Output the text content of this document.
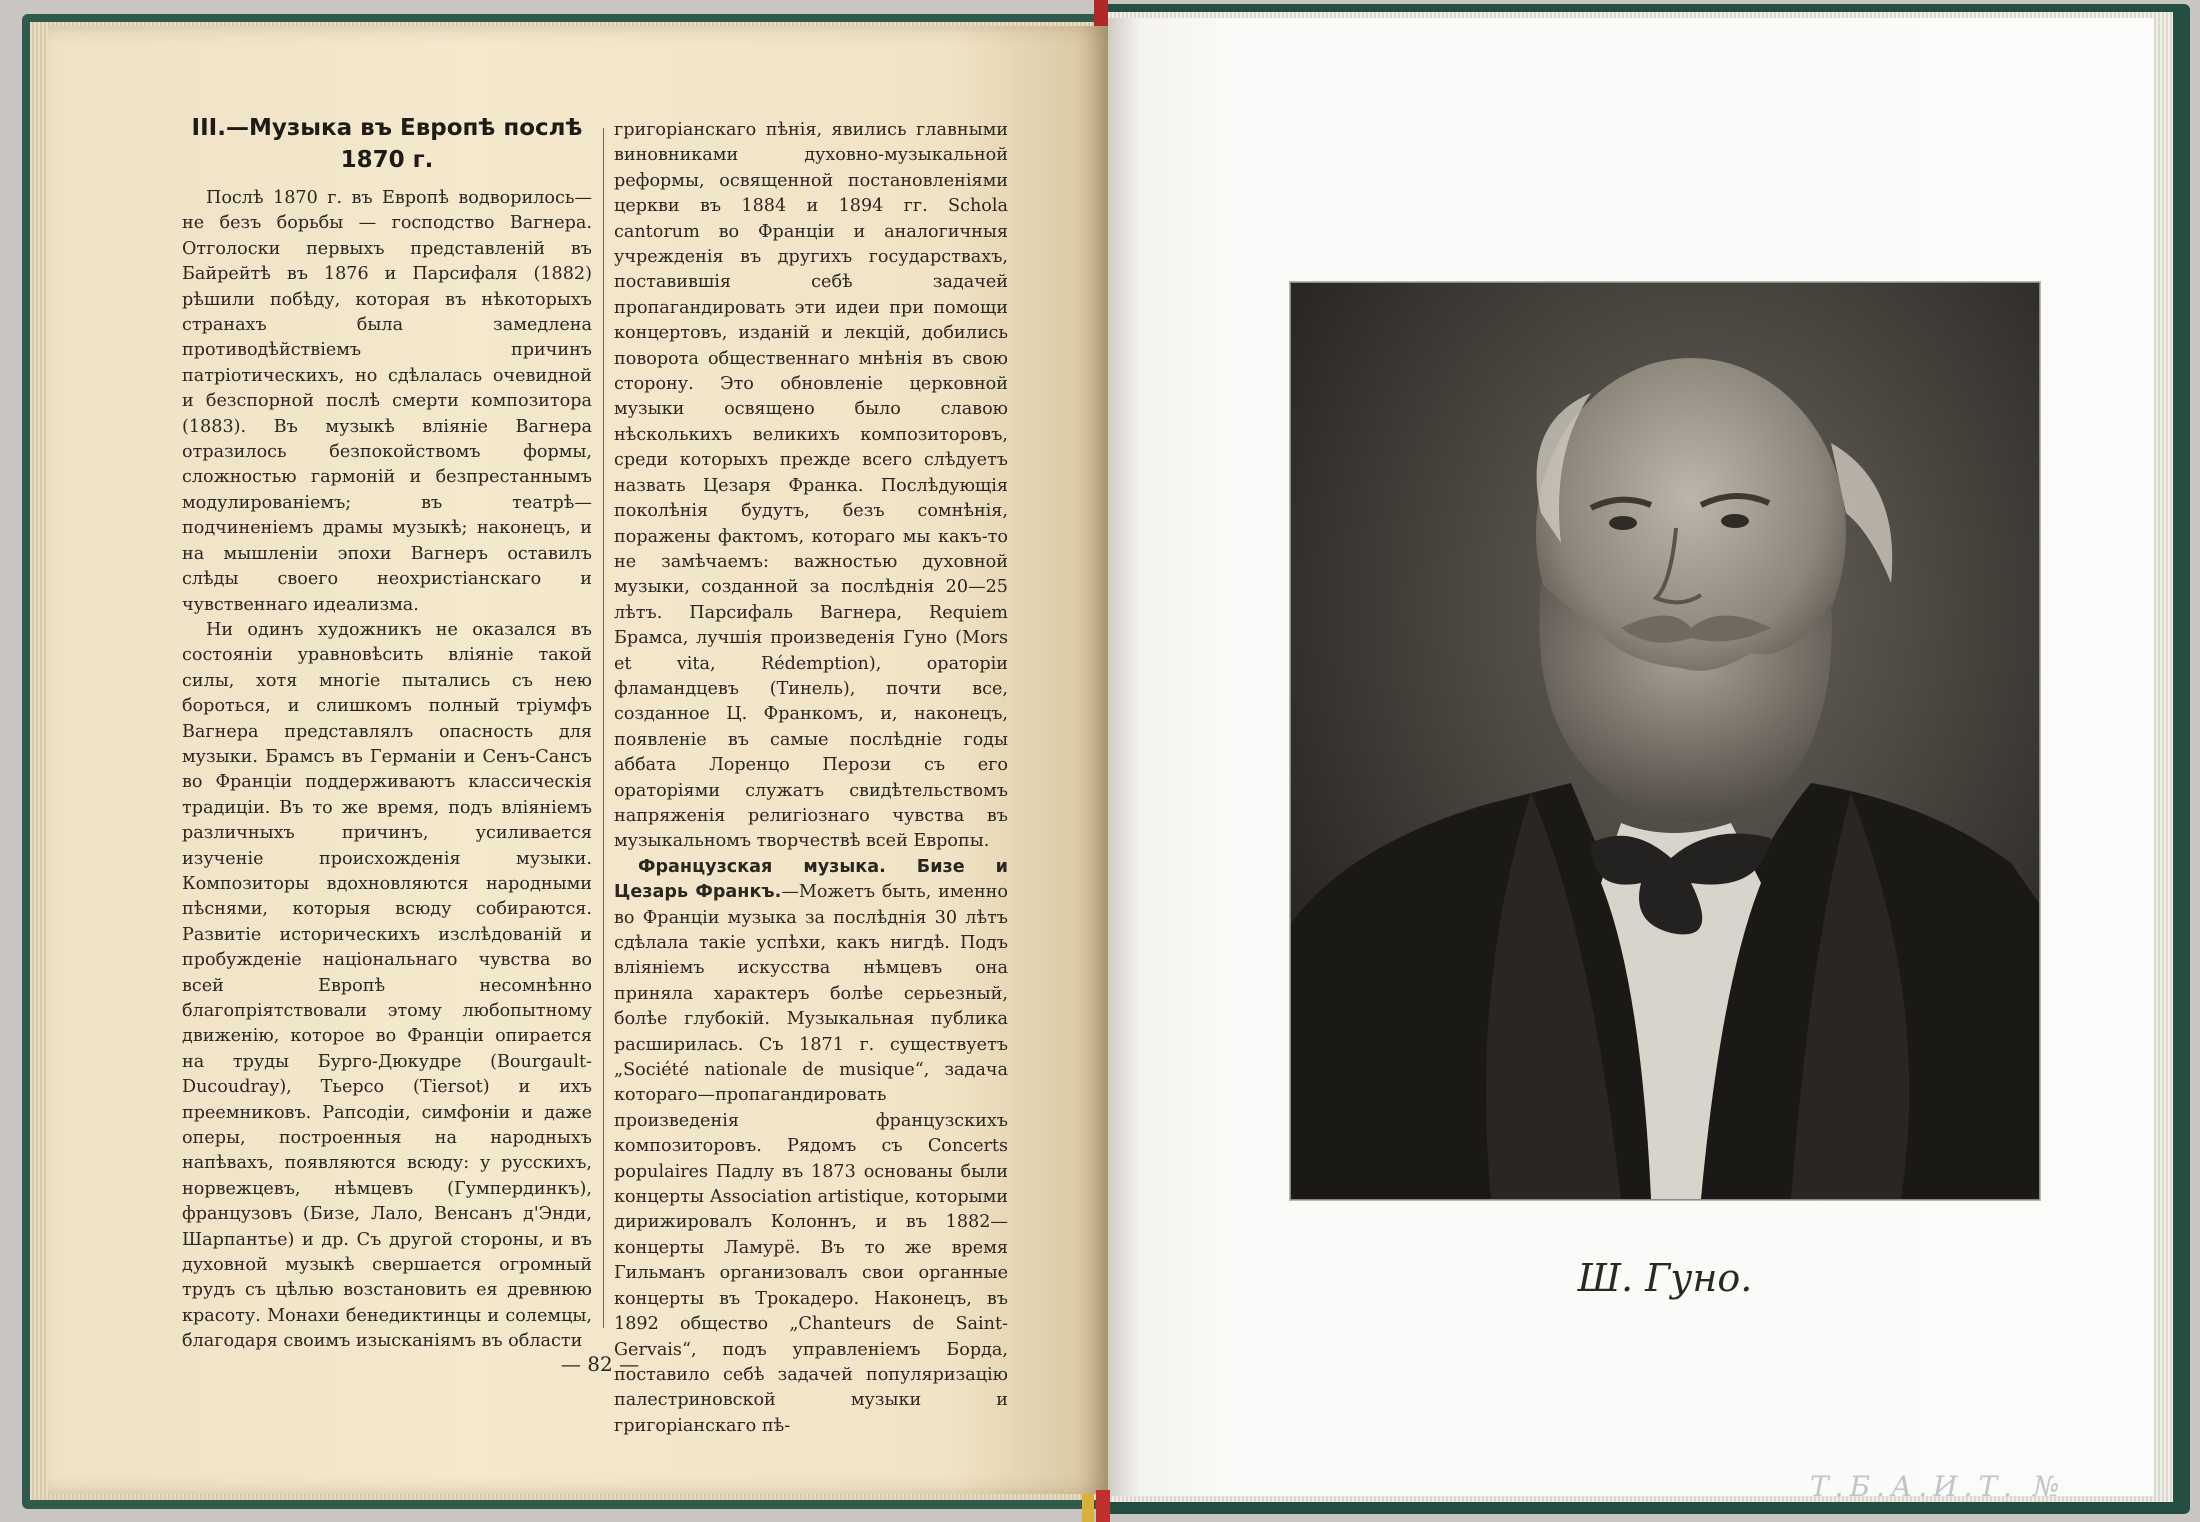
III.—Музыка въ Европѣ послѣ 1870 г.

Послѣ 1870 г. въ Европѣ водворилось—не безъ борьбы — господство Вагнера. Отголоски первыхъ представленій въ Байрейтѣ въ 1876 и Парсифаля (1882) рѣшили побѣду, которая въ нѣкоторыхъ странахъ была замедлена противодѣйствіемъ причинъ патріотическихъ, но сдѣлалась очевидной и безспорной послѣ смерти композитора (1883). Въ музыкѣ вліяніе Вагнера отразилось безпокойствомъ формы, сложностью гармоній и безпрестаннымъ модулированіемъ; въ театрѣ—подчиненіемъ драмы музыкѣ; наконецъ, и на мышленіи эпохи Вагнеръ оставилъ слѣды своего неохристіанскаго и чувственнаго идеализма.

Ни одинъ художникъ не оказался въ состояніи уравновѣсить вліяніе такой силы, хотя многіе пытались съ нею бороться, и слишкомъ полный тріумфъ Вагнера представлялъ опасность для музыки. Брамсъ въ Германіи и Сенъ-Сансъ во Франціи поддерживаютъ классическія традиціи. Въ то же время, подъ вліяніемъ различныхъ причинъ, усиливается изученіе происхожденія музыки. Композиторы вдохновляются народными пѣснями, которыя всюду собираются. Развитіе историческихъ изслѣдованій и пробужденіе національнаго чувства во всей Европѣ несомнѣнно благопріятствовали этому любопытному движенію, которое во Франціи опирается на труды Бурго-Дюкудре (Bourgault-Ducoudray), Тьерсо (Tiersot) и ихъ преемниковъ. Рапсодіи, симфоніи и даже оперы, построенныя на народныхъ напѣвахъ, появляются всюду: у русскихъ, норвежцевъ, нѣмцевъ (Гумпердинкъ), французовъ (Бизе, Лало, Венсанъ д'Энди, Шарпантье) и др. Съ другой стороны, и въ духовной музыкѣ свершается огромный трудъ съ цѣлью возстановить ея древнюю красоту. Монахи бенедиктинцы и солемцы, благодаря своимъ изысканіямъ въ области

григоріанскаго пѣнія, явились главными виновниками духовно-музыкальной реформы, освященной постановленіями церкви въ 1884 и 1894 гг. Schola cantorum во Франціи и аналогичныя учрежденія въ другихъ государствахъ, поставившія себѣ задачей пропагандировать эти идеи при помощи концертовъ, изданій и лекцій, добились поворота общественнаго мнѣнія въ свою сторону. Это обновленіе церковной музыки освящено было славою нѣсколькихъ великихъ композиторовъ, среди которыхъ прежде всего слѣдуетъ назвать Цезаря Франка. Послѣдующія поколѣнія будутъ, безъ сомнѣнія, поражены фактомъ, котораго мы какъ-то не замѣчаемъ: важностью духовной музыки, созданной за послѣднія 20—25 лѣтъ. Парсифаль Вагнера, Requiem Брамса, лучшія произведенія Гуно (Mors et vita, Rédemption), ораторіи фламандцевъ (Тинель), почти все, созданное Ц. Франкомъ, и, наконецъ, появленіе въ самые послѣдніе годы аббата Лоренцо Перози съ его ораторіями служатъ свидѣтельствомъ напряженія религіознаго чувства въ музыкальномъ творчествѣ всей Европы.

Французская музыка. Бизе и Цезарь Франкъ.—Можетъ быть, именно во Франціи музыка за послѣднія 30 лѣтъ сдѣлала такіе успѣхи, какъ нигдѣ. Подъ вліяніемъ искусства нѣмцевъ она приняла характеръ болѣе серьезный, болѣе глубокій. Музыкальная публика расширилась. Съ 1871 г. существуетъ „Société nationale de musique“, задача котораго—пропагандировать произведенія французскихъ композиторовъ. Рядомъ съ Concerts populaires Падлу въ 1873 основаны были концерты Association artistique, которыми дирижировалъ Колоннъ, и въ 1882—концерты Ламурё. Въ то же время Гильманъ организовалъ свои органные концерты въ Трокадеро. Наконецъ, въ 1892 общество „Chanteurs de Saint-Gervais“, подъ управленіемъ Борда, поставило себѣ задачей популяризацію палестриновской музыки и григоріанскаго пѣ-

— 82 —
Ш. Гуно.
Т.Б.А.И.Т. №
